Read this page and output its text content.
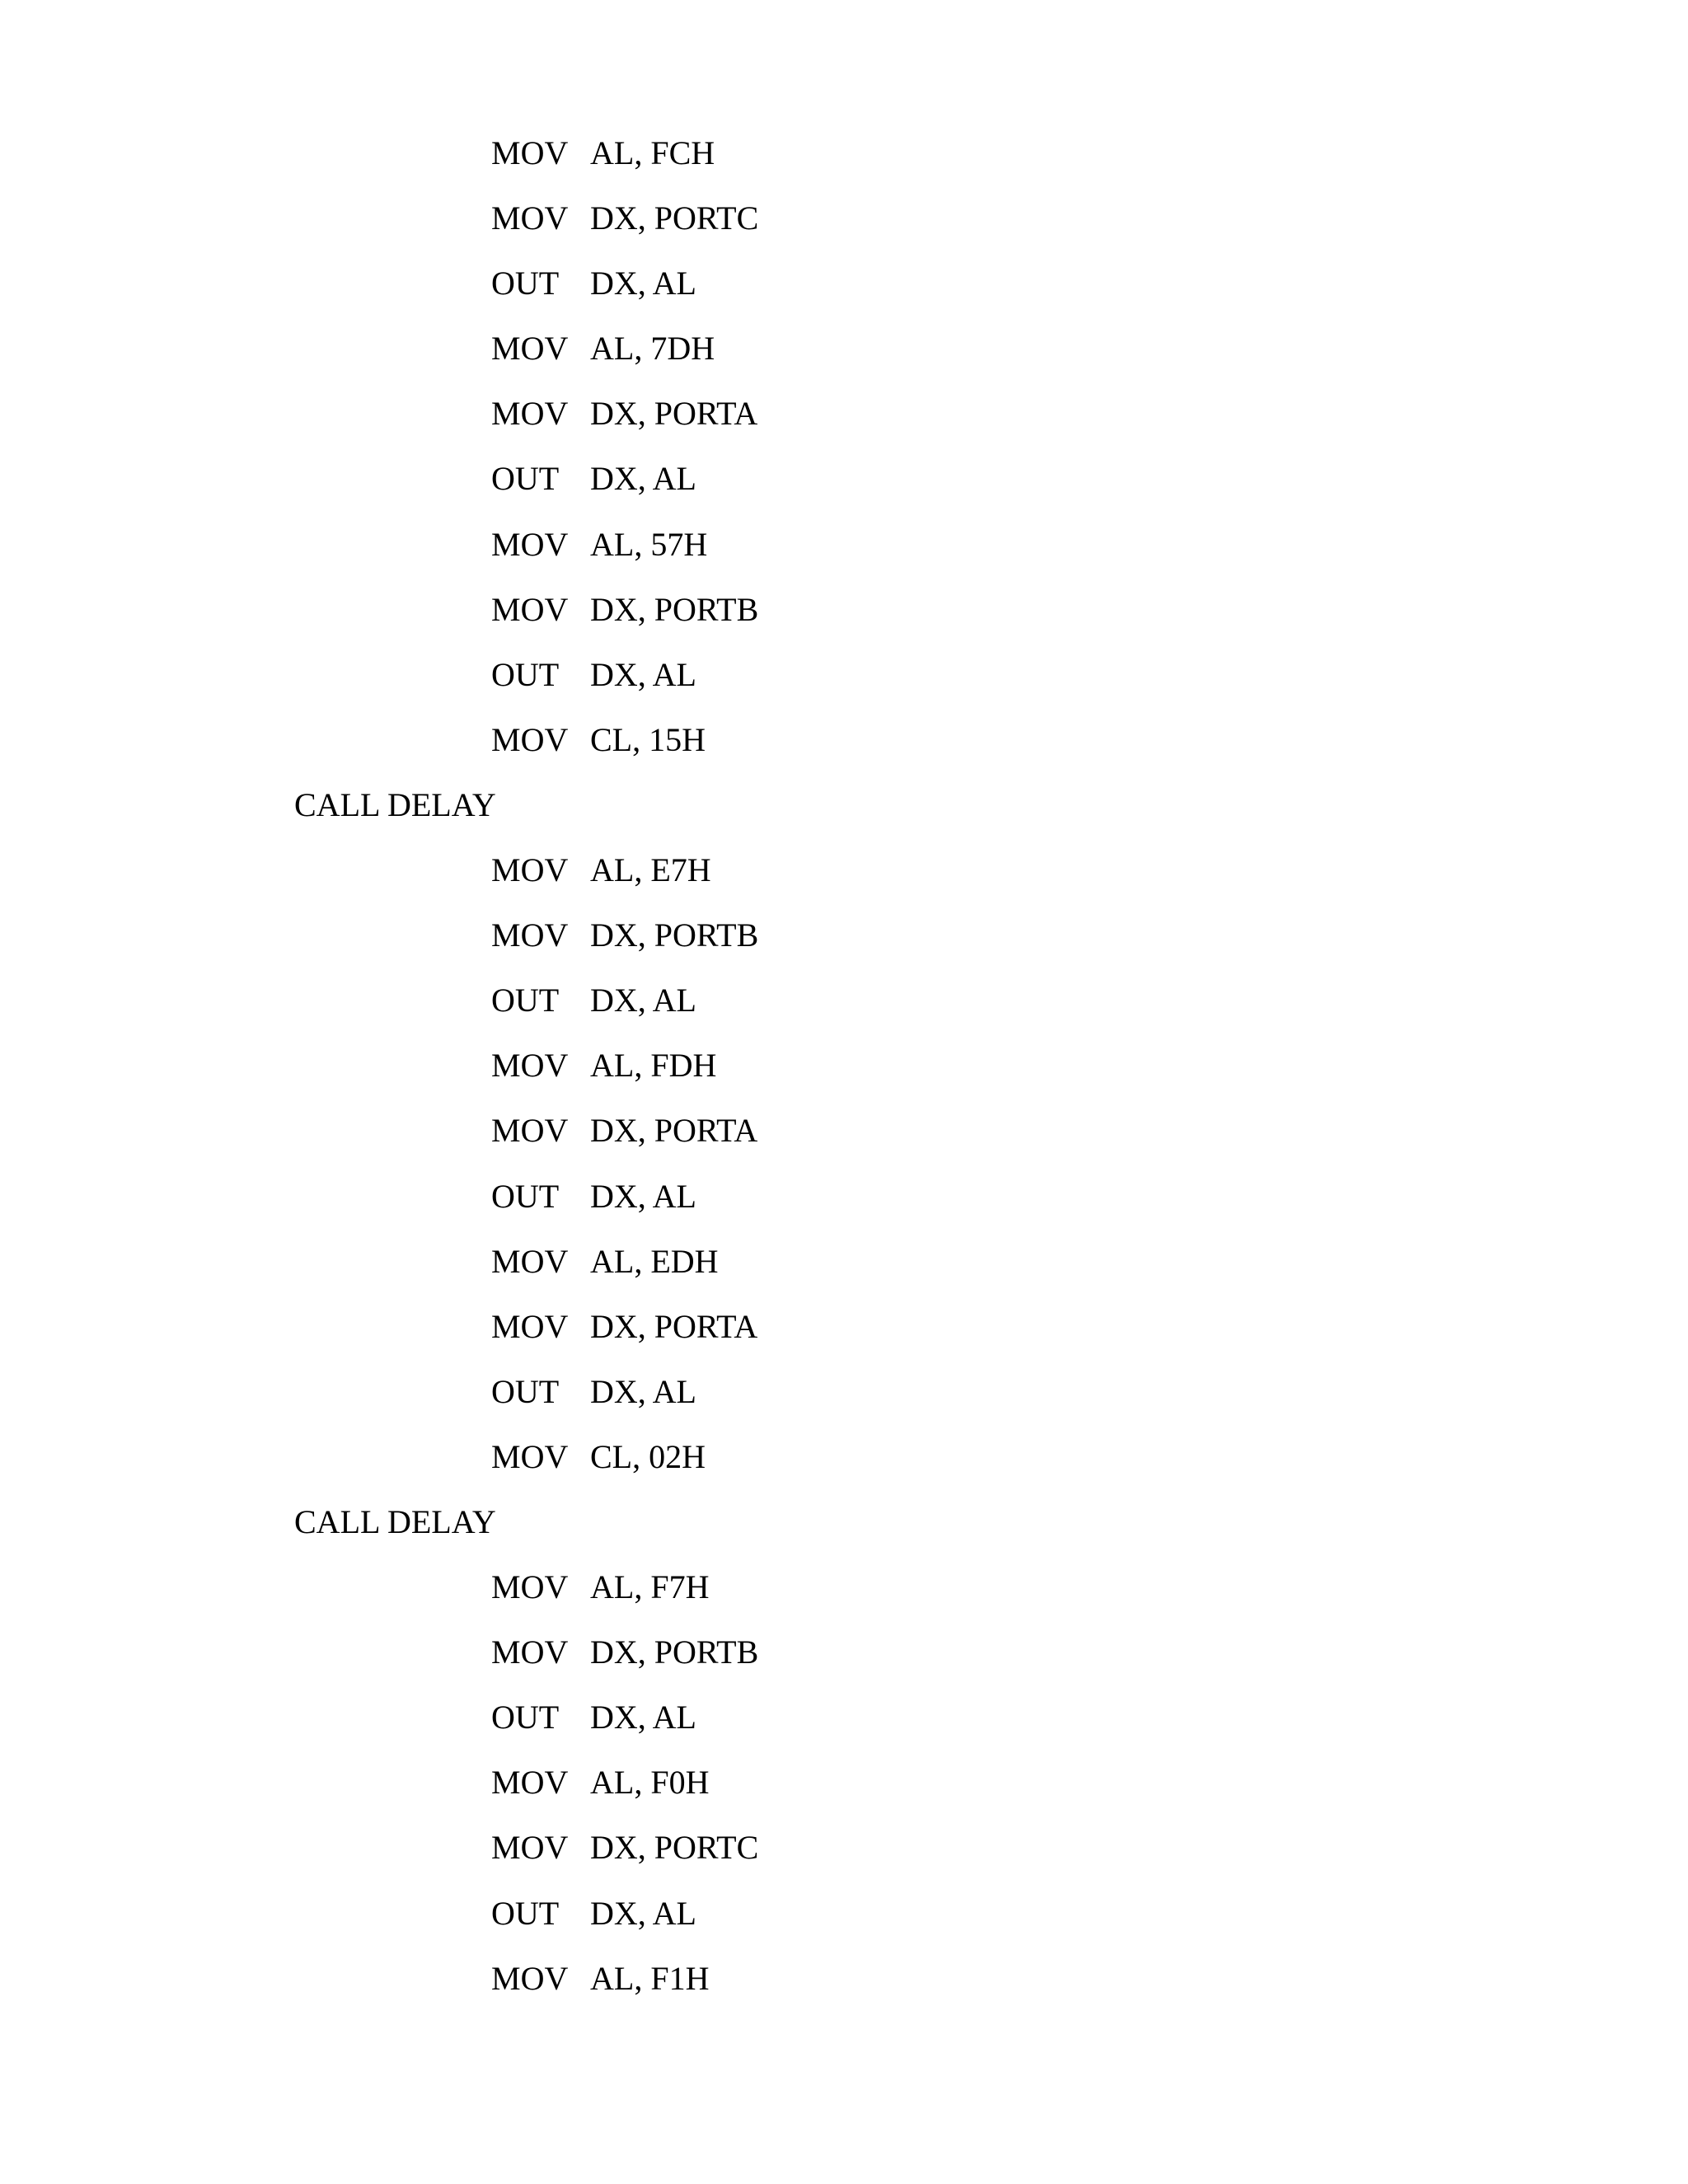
MOV AL, FCH
MOV DX, PORTC
OUT DX, AL
MOV AL, 7DH
MOV DX, PORTA
OUT DX, AL
MOV AL, 57H
MOV DX, PORTB
OUT DX, AL
MOV CL, 15H
CALL DELAY
MOV AL, E7H
MOV DX, PORTB
OUT DX, AL
MOV AL, FDH
MOV DX, PORTA
OUT DX, AL
MOV AL, EDH
MOV DX, PORTA
OUT DX, AL
MOV CL, 02H
CALL DELAY
MOV AL, F7H
MOV DX, PORTB
OUT DX, AL
MOV AL, F0H
MOV DX, PORTC
OUT DX, AL
MOV AL, F1H
